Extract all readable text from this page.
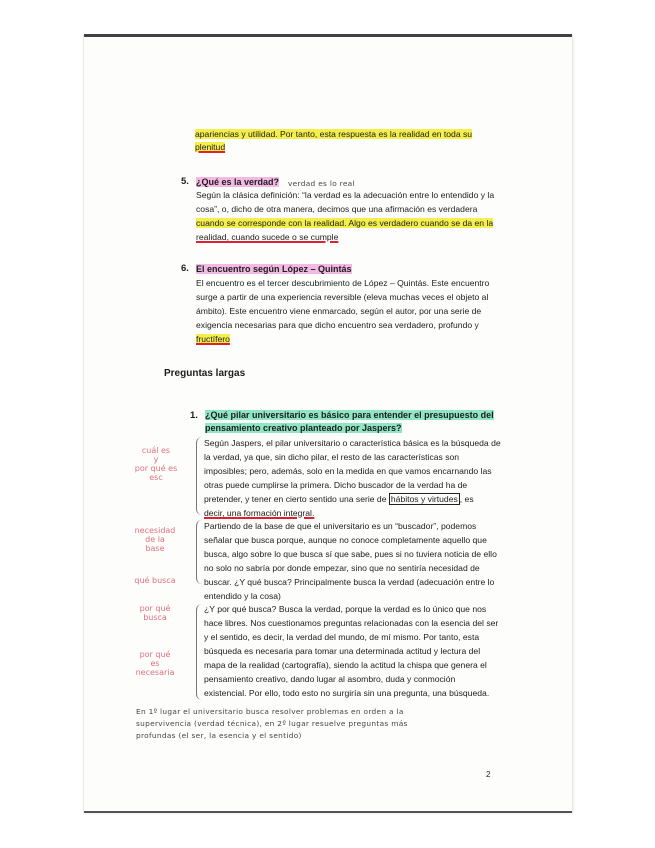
apariencias y utilidad. Por tanto, esta respuesta es la realidad en toda su
plenitud
5. ¿Qué es la verdad? verdad es lo real
Según la clásica definición: “la verdad es la adecuación entre lo entendido y la
cosa”, o, dicho de otra manera, decimos que una afirmación es verdadera
cuando se corresponde con la realidad. Algo es verdadero cuando se da en la
realidad, cuando sucede o se cumple
6. El encuentro según López – Quintás
El encuentro es el tercer descubrimiento de López – Quintás. Este encuentro
surge a partir de una experiencia reversible (eleva muchas veces el objeto al
ámbito). Este encuentro viene enmarcado, según el autor, por una serie de
exigencia necesarias para que dicho encuentro sea verdadero, profundo y
fructífero
Preguntas largas
1. ¿Qué pilar universitario es básico para entender el presupuesto del
pensamiento creativo planteado por Jaspers?
Según Jaspers, el pilar universitario o característica básica es la búsqueda de
la verdad, ya que, sin dicho pilar, el resto de las características son
imposibles; pero, además, solo en la medida en que vamos encarnando las
otras puede cumplirse la primera. Dicho buscador de la verdad ha de
pretender, y tener en cierto sentido una serie de hábitos y virtudes , es
decir, una formación integral.
Partiendo de la base de que el universitario es un “buscador”, podemos
señalar que busca porque, aunque no conoce completamente aquello que
busca, algo sobre lo que busca sí que sabe, pues si no tuviera noticia de ello
no solo no sabría por donde empezar, sino que no sentiría necesidad de
buscar. ¿Y qué busca? Principalmente busca la verdad (adecuación entre lo
entendido y la cosa)
¿Y por qué busca? Busca la verdad, porque la verdad es lo único que nos
hace libres. Nos cuestionamos preguntas relacionadas con la esencia del ser
y el sentido, es decir, la verdad del mundo, de mí mismo. Por tanto, esta
búsqueda es necesaria para tomar una determinada actitud y lectura del
mapa de la realidad (cartografía), siendo la actitud la chispa que genera el
pensamiento creativo, dando lugar al asombro, duda y conmoción
existencial. Por ello, todo esto no surgiría sin una pregunta, una búsqueda.
cuál es
y
por qué es
esc
necesidad
de la
base
qué busca
por qué
busca
por qué
es
necesaria
En 1º lugar el universitario busca resolver problemas en orden a la
supervivencia (verdad técnica), en 2º lugar resuelve preguntas más
profundas (el ser, la esencia y el sentido)
2
